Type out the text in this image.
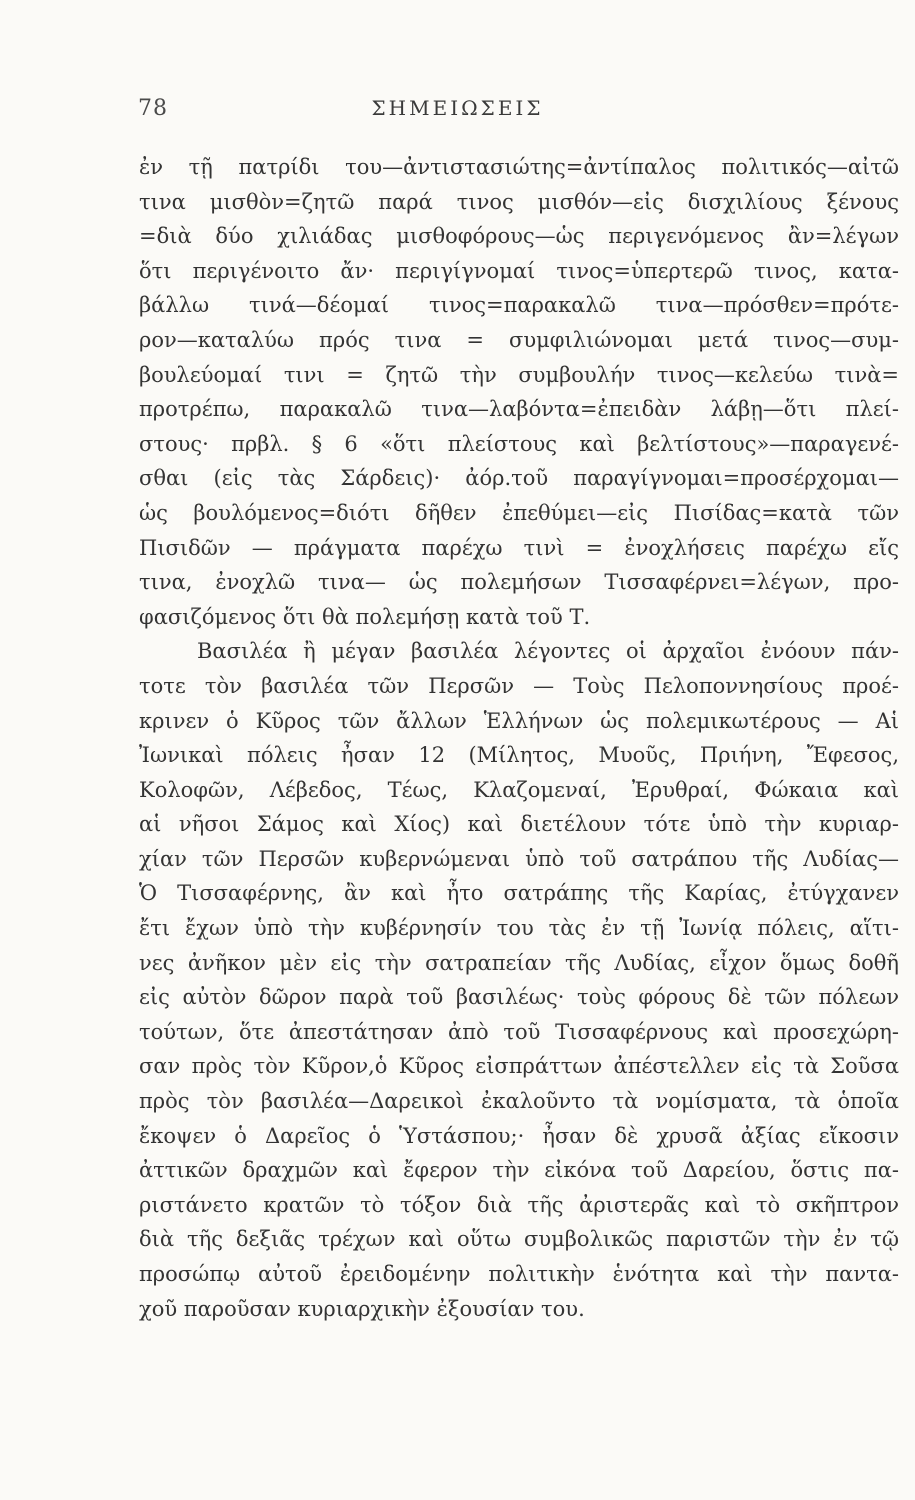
78	ΣΗΜΕΙΩΣΕΙΣ
ἐν τῇ πατρίδι του—ἀντιστασιώτης=ἀντίπαλος πολιτικός—αἰτῶ
τινα μισθὸν=ζητῶ παρά τινος μισθόν—εἰς δισχιλίους ξένους
=διὰ δύο χιλιάδας μισθοφόρους—ὡς περιγενόμενος ἂν=λέγων
ὅτι περιγένοιτο ἄν· περιγίγνομαί τινος=ὑπερτερῶ τινος, κατα-
βάλλω τινά—δέομαί τινος=παρακαλῶ τινα—πρόσθεν=πρότε-
ρον—καταλύω πρός τινα = συμφιλιώνομαι μετά τινος—συμ-
βουλεύομαί τινι = ζητῶ τὴν συμβουλήν τινος—κελεύω τινὰ=
προτρέπω, παρακαλῶ τινα—λαβόντα=ἐπειδὰν λάβῃ—ὅτι πλεί-
στους· πρβλ. § 6 «ὅτι πλείστους καὶ βελτίστους»—παραγενέ-
σθαι (εἰς τὰς Σάρδεις)· ἀόρ.τοῦ παραγίγνομαι=προσέρχομαι—
ὡς βουλόμενος=διότι δῆθεν ἐπεθύμει—εἰς Πισίδας=κατὰ τῶν
Πισιδῶν — πράγματα παρέχω τινὶ = ἐνοχλήσεις παρέχω εἴς
τινα, ἐνοχλῶ τινα— ὡς πολεμήσων Τισσαφέρνει=λέγων, προ-
φασιζόμενος ὅτι θὰ πολεμήσῃ κατὰ τοῦ Τ.
Βασιλέα ἢ μέγαν βασιλέα λέγοντες οἱ ἀρχαῖοι ἐνόουν πάν-
τοτε τὸν βασιλέα τῶν Περσῶν — Τοὺς Πελοποννησίους προέ-
κρινεν ὁ Κῦρος τῶν ἄλλων Ἑλλήνων ὡς πολεμικωτέρους — Αἱ
Ἰωνικαὶ πόλεις ἦσαν 12 (Μίλητος, Μυοῦς, Πριήνη, Ἔφεσος,
Κολοφῶν, Λέβεδος, Τέως, Κλαζομεναί, Ἐρυθραί, Φώκαια καὶ
αἱ νῆσοι Σάμος καὶ Χίος) καὶ διετέλουν τότε ὑπὸ τὴν κυριαρ-
χίαν τῶν Περσῶν κυβερνώμεναι ὑπὸ τοῦ σατράπου τῆς Λυδίας—
Ὁ Τισσαφέρνης, ἂν καὶ ἦτο σατράπης τῆς Καρίας, ἐτύγχανεν
ἔτι ἔχων ὑπὸ τὴν κυβέρνησίν του τὰς ἐν τῇ Ἰωνίᾳ πόλεις, αἵτι-
νες ἀνῆκον μὲν εἰς τὴν σατραπείαν τῆς Λυδίας, εἶχον ὅμως δοθῆ
εἰς αὐτὸν δῶρον παρὰ τοῦ βασιλέως· τοὺς φόρους δὲ τῶν πόλεων
τούτων, ὅτε ἀπεστάτησαν ἀπὸ τοῦ Τισσαφέρνους καὶ προσεχώρη-
σαν πρὸς τὸν Κῦρον,ὁ Κῦρος εἰσπράττων ἀπέστελλεν εἰς τὰ Σοῦσα
πρὸς τὸν βασιλέα—Δαρεικοὶ ἐκαλοῦντο τὰ νομίσματα, τὰ ὁποῖα
ἔκοψεν ὁ Δαρεῖος ὁ Ὑστάσπου;· ἦσαν δὲ χρυσᾶ ἀξίας εἴκοσιν
ἀττικῶν δραχμῶν καὶ ἔφερον τὴν εἰκόνα τοῦ Δαρείου, ὅστις πα-
ριστάνετο κρατῶν τὸ τόξον διὰ τῆς ἀριστερᾶς καὶ τὸ σκῆπτρον
διὰ τῆς δεξιᾶς τρέχων καὶ οὕτω συμβολικῶς παριστῶν τὴν ἐν τῷ
προσώπῳ αὐτοῦ ἐρειδομένην πολιτικὴν ἑνότητα καὶ τὴν παντα-
χοῦ παροῦσαν κυριαρχικὴν ἐξουσίαν του.
